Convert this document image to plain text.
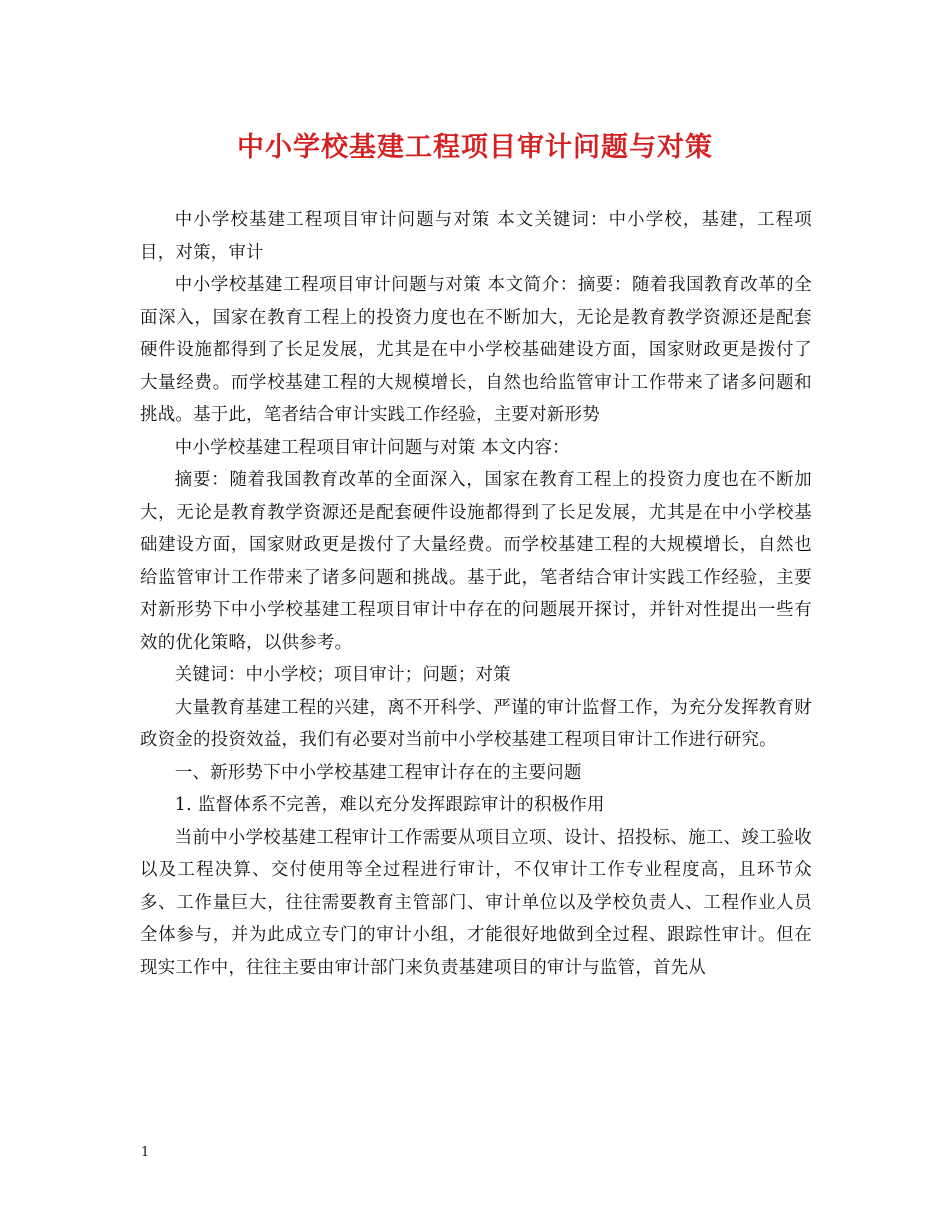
中小学校基建工程项目审计问题与对策

中小学校基建工程项目审计问题与对策 本文关键词：中小学校，基建，工程项目，对策，审计

中小学校基建工程项目审计问题与对策 本文简介：摘要：随着我国教育改革的全面深入，国家在教育工程上的投资力度也在不断加大，无论是教育教学资源还是配套硬件设施都得到了长足发展，尤其是在中小学校基础建设方面，国家财政更是拨付了大量经费。而学校基建工程的大规模增长，自然也给监管审计工作带来了诸多问题和挑战。基于此，笔者结合审计实践工作经验，主要对新形势

中小学校基建工程项目审计问题与对策 本文内容：

摘要：随着我国教育改革的全面深入，国家在教育工程上的投资力度也在不断加大，无论是教育教学资源还是配套硬件设施都得到了长足发展，尤其是在中小学校基础建设方面，国家财政更是拨付了大量经费。而学校基建工程的大规模增长，自然也给监管审计工作带来了诸多问题和挑战。基于此，笔者结合审计实践工作经验，主要对新形势下中小学校基建工程项目审计中存在的问题展开探讨，并针对性提出一些有效的优化策略，以供参考。

关键词：中小学校；项目审计；问题；对策

大量教育基建工程的兴建，离不开科学、严谨的审计监督工作，为充分发挥教育财政资金的投资效益，我们有必要对当前中小学校基建工程项目审计工作进行研究。

一、新形势下中小学校基建工程审计存在的主要问题

1. 监督体系不完善，难以充分发挥跟踪审计的积极作用

当前中小学校基建工程审计工作需要从项目立项、设计、招投标、施工、竣工验收以及工程决算、交付使用等全过程进行审计，不仅审计工作专业程度高，且环节众多、工作量巨大，往往需要教育主管部门、审计单位以及学校负责人、工程作业人员全体参与，并为此成立专门的审计小组，才能很好地做到全过程、跟踪性审计。但在现实工作中，往往主要由审计部门来负责基建项目的审计与监管，首先从

1
